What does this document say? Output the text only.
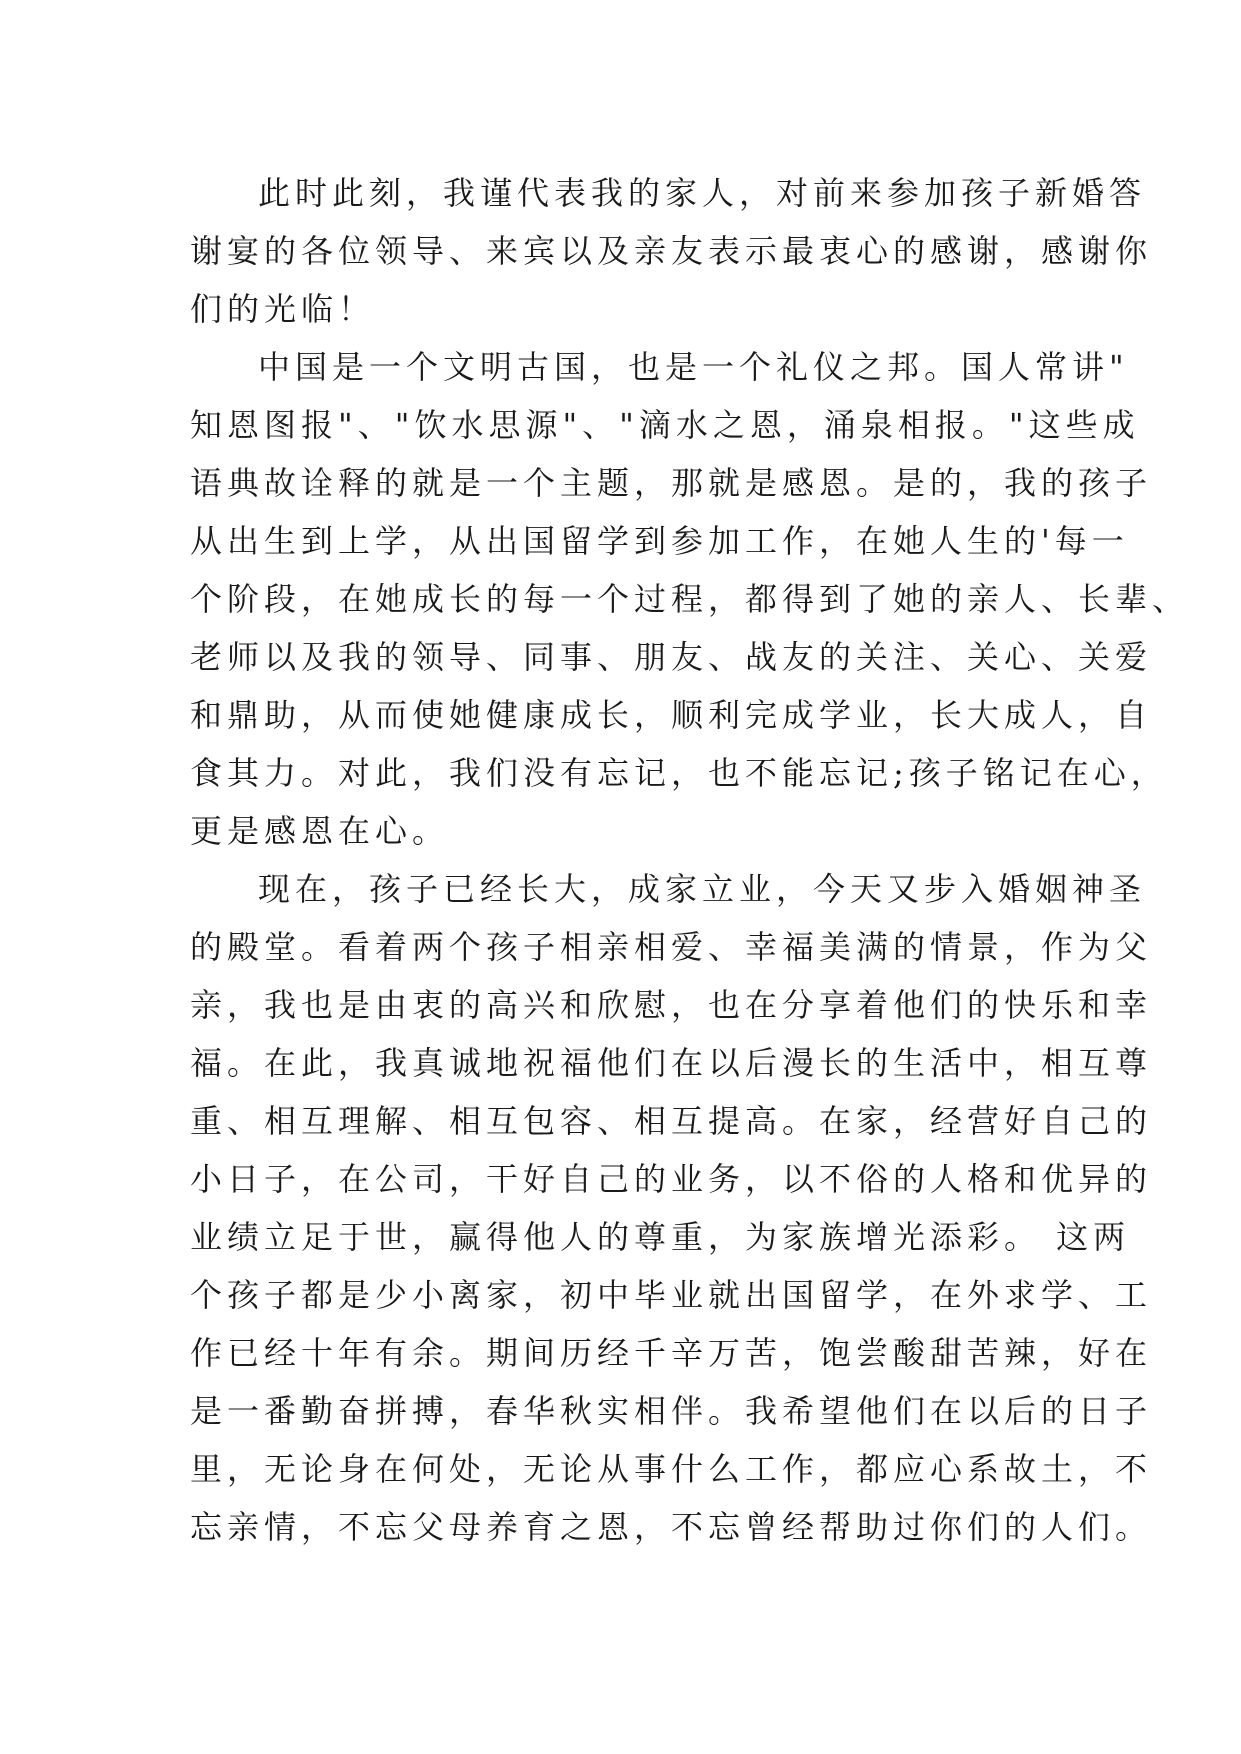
此时此刻，我谨代表我的家人，对前来参加孩子新婚答
谢宴的各位领导、来宾以及亲友表示最衷心的感谢，感谢你
们的光临！
中国是一个文明古国，也是一个礼仪之邦。国人常讲"
知恩图报"、"饮水思源"、"滴水之恩，涌泉相报。"这些成
语典故诠释的就是一个主题，那就是感恩。是的，我的孩子
从出生到上学，从出国留学到参加工作，在她人生的'每一
个阶段，在她成长的每一个过程，都得到了她的亲人、长辈、
老师以及我的领导、同事、朋友、战友的关注、关心、关爱
和鼎助，从而使她健康成长，顺利完成学业，长大成人，自
食其力。对此，我们没有忘记，也不能忘记;孩子铭记在心，
更是感恩在心。
现在，孩子已经长大，成家立业，今天又步入婚姻神圣
的殿堂。看着两个孩子相亲相爱、幸福美满的情景，作为父
亲，我也是由衷的高兴和欣慰，也在分享着他们的快乐和幸
福。在此，我真诚地祝福他们在以后漫长的生活中，相互尊
重、相互理解、相互包容、相互提高。在家，经营好自己的
小日子，在公司，干好自己的业务，以不俗的人格和优异的
业绩立足于世，赢得他人的尊重，为家族增光添彩。 这两
个孩子都是少小离家，初中毕业就出国留学，在外求学、工
作已经十年有余。期间历经千辛万苦，饱尝酸甜苦辣，好在
是一番勤奋拼搏，春华秋实相伴。我希望他们在以后的日子
里，无论身在何处，无论从事什么工作，都应心系故土，不
忘亲情，不忘父母养育之恩，不忘曾经帮助过你们的人们。
